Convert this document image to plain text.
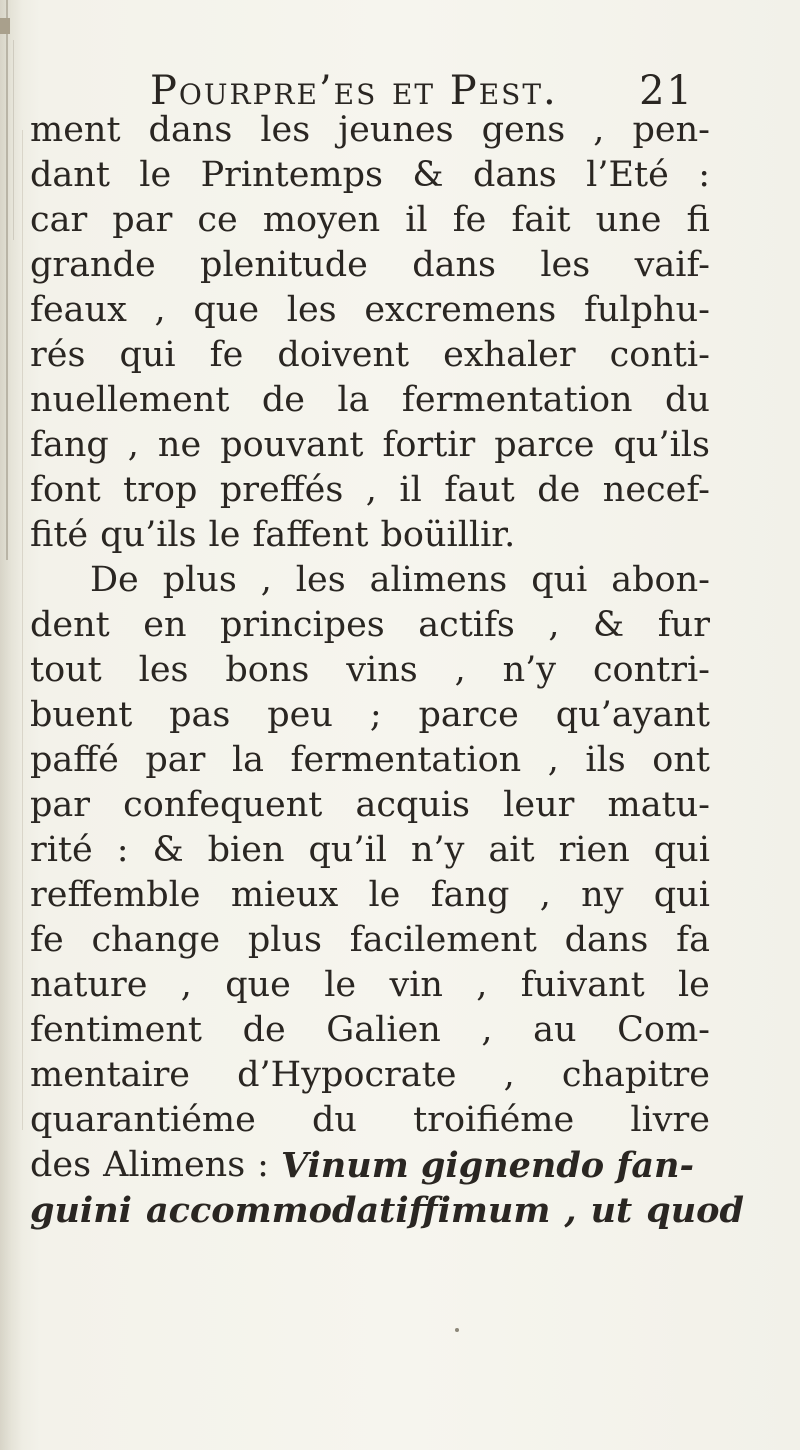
Pourpre’es et Pest. 21
ment dans les jeunes gens , pen-
dant le Printemps & dans l’Eté :
car par ce moyen il fe fait une fi
grande plenitude dans les vaif-
feaux , que les excremens fulphu-
rés qui fe doivent exhaler conti-
nuellement de la fermentation du
fang , ne pouvant fortir parce qu’ils
font trop preffés , il faut de necef-
fité qu’ils le faffent boüillir.
De plus , les alimens qui abon-
dent en principes actifs , & fur
tout les bons vins , n’y contri-
buent pas peu ; parce qu’ayant
paffé par la fermentation , ils ont
par confequent acquis leur matu-
rité : & bien qu’il n’y ait rien qui
reffemble mieux le fang , ny qui
fe change plus facilement dans fa
nature , que le vin , fuivant le
fentiment de Galien , au Com-
mentaire d’Hypocrate , chapitre
quarantiéme du troifiéme livre
des Alimens : Vinum gignendo fan-
guini accommodatiffimum , ut quod
